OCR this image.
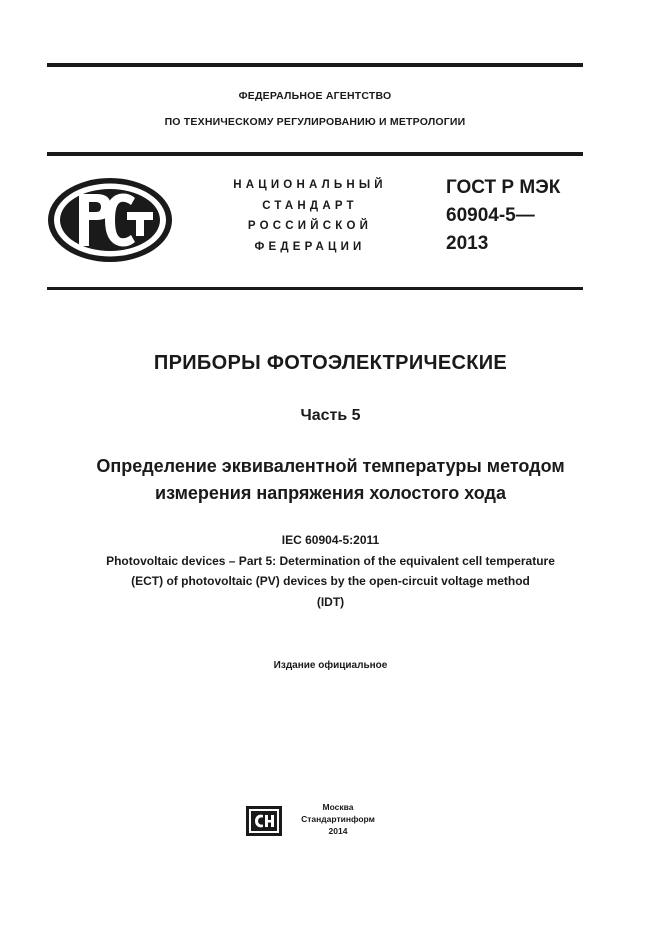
ФЕДЕРАЛЬНОЕ АГЕНТСТВО
ПО ТЕХНИЧЕСКОМУ РЕГУЛИРОВАНИЮ И МЕТРОЛОГИИ
НАЦИОНАЛЬНЫЙ
СТАНДАРТ
РОССИЙСКОЙ
ФЕДЕРАЦИИ
ГОСТ Р МЭК
60904-5—
2013
ПРИБОРЫ ФОТОЭЛЕКТРИЧЕСКИЕ
Часть 5
Определение эквивалентной температуры методом
измерения напряжения холостого хода
IEC 60904-5:2011
Photovoltaic devices – Part 5: Determination of the equivalent cell temperature
(ECT) of photovoltaic (PV) devices by the open-circuit voltage method
(IDT)
Издание официальное
Москва
Стандартинформ
2014
